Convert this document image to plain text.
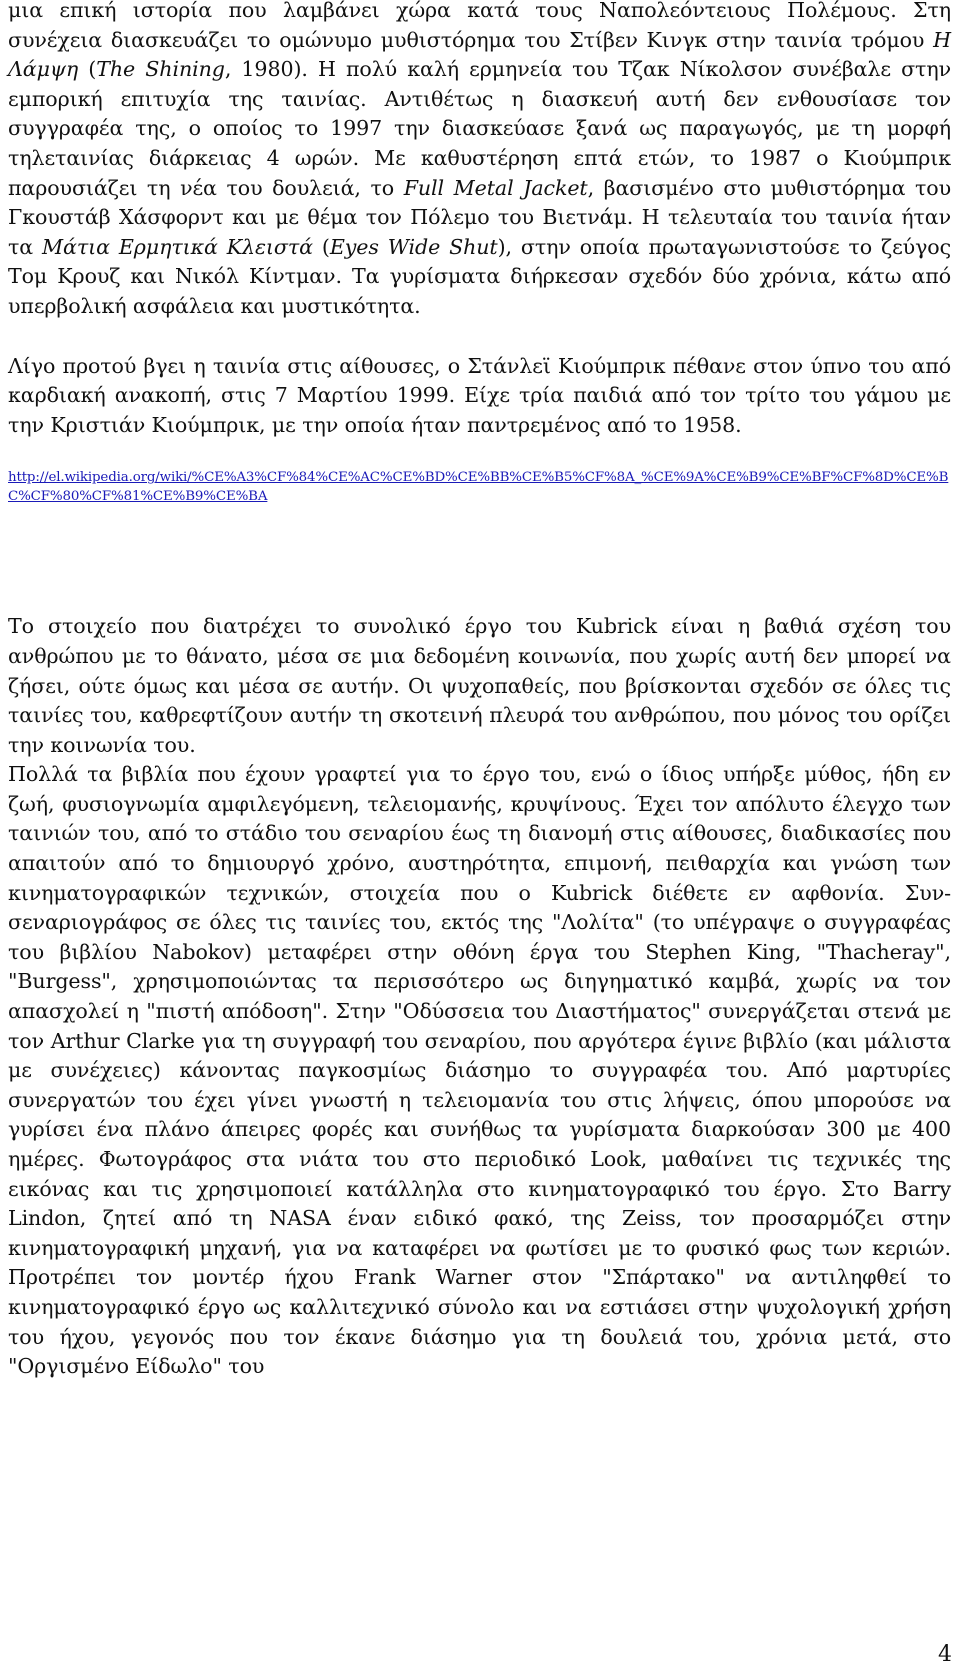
μια επική ιστορία που λαμβάνει χώρα κατά τους Ναπολεόντειους Πολέμους. Στη συνέχεια διασκευάζει το ομώνυμο μυθιστόρημα του Στίβεν Κινγκ στην ταινία τρόμου Η Λάμψη (The Shining, 1980). Η πολύ καλή ερμηνεία του Τζακ Νίκολσον συνέβαλε στην εμπορική επιτυχία της ταινίας. Αντιθέτως η διασκευή αυτή δεν ενθουσίασε τον συγγραφέα της, ο οποίος το 1997 την διασκεύασε ξανά ως παραγωγός, με τη μορφή τηλεταινίας διάρκειας 4 ωρών. Με καθυστέρηση επτά ετών, το 1987 ο Κιούμπρικ παρουσιάζει τη νέα του δουλειά, το Full Metal Jacket, βασισμένο στο μυθιστόρημα του Γκουστάβ Χάσφορντ και με θέμα τον Πόλεμο του Βιετνάμ. Η τελευταία του ταινία ήταν τα Μάτια Ερμητικά Κλειστά (Eyes Wide Shut), στην οποία πρωταγωνιστούσε το ζεύγος Τομ Κρουζ και Νικόλ Κίντμαν. Τα γυρίσματα διήρκεσαν σχεδόν δύο χρόνια, κάτω από υπερβολική ασφάλεια και μυστικότητα.

Λίγο προτού βγει η ταινία στις αίθουσες, ο Στάνλεϊ Κιούμπρικ πέθανε στον ύπνο του από καρδιακή ανακοπή, στις 7 Μαρτίου 1999. Είχε τρία παιδιά από τον τρίτο του γάμου με την Κριστιάν Κιούμπρικ, με την οποία ήταν παντρεμένος από το 1958.

http://el.wikipedia.org/wiki/%CE%A3%CF%84%CE%AC%CE%BD%CE%BB%CE%B5%CF%8A_%CE%9A%CE%B9%CE%BF%CF%8D%CE%BC%CF%80%CF%81%CE%B9%CE%BA

Το στοιχείο που διατρέχει το συνολικό έργο του Kubrick είναι η βαθιά σχέση του ανθρώπου με το θάνατο, μέσα σε μια δεδομένη κοινωνία, που χωρίς αυτή δεν μπορεί να ζήσει, ούτε όμως και μέσα σε αυτήν. Οι ψυχοπαθείς, που βρίσκονται σχεδόν σε όλες τις ταινίες του, καθρεφτίζουν αυτήν τη σκοτεινή πλευρά του ανθρώπου, που μόνος του ορίζει την κοινωνία του.

Πολλά τα βιβλία που έχουν γραφτεί για το έργο του, ενώ ο ίδιος υπήρξε μύθος, ήδη εν ζωή, φυσιογνωμία αμφιλεγόμενη, τελειομανής, κρυψίνους. Έχει τον απόλυτο έλεγχο των ταινιών του, από το στάδιο του σεναρίου έως τη διανομή στις αίθουσες, διαδικασίες που απαιτούν από το δημιουργό χρόνο, αυστηρότητα, επιμονή, πειθαρχία και γνώση των κινηματογραφικών τεχνικών, στοιχεία που ο Kubrick διέθετε εν αφθονία. Συν-σεναριογράφος σε όλες τις ταινίες του, εκτός της "Λολίτα" (το υπέγραψε ο συγγραφέας του βιβλίου Nabokov) μεταφέρει στην οθόνη έργα του Stephen King, "Thacheray", "Burgess", χρησιμοποιώντας τα περισσότερο ως διηγηματικό καμβά, χωρίς να τον απασχολεί η "πιστή απόδοση". Στην "Οδύσσεια του Διαστήματος" συνεργάζεται στενά με τον Arthur Clarke για τη συγγραφή του σεναρίου, που αργότερα έγινε βιβλίο (και μάλιστα με συνέχειες) κάνοντας παγκοσμίως διάσημο το συγγραφέα του. Από μαρτυρίες συνεργατών του έχει γίνει γνωστή η τελειομανία του στις λήψεις, όπου μπορούσε να γυρίσει ένα πλάνο άπειρες φορές και συνήθως τα γυρίσματα διαρκούσαν 300 με 400 ημέρες. Φωτογράφος στα νιάτα του στο περιοδικό Look, μαθαίνει τις τεχνικές της εικόνας και τις χρησιμοποιεί κατάλληλα στο κινηματογραφικό του έργο. Στο Barry Lindon, ζητεί από τη NASA έναν ειδικό φακό, της Zeiss, τον προσαρμόζει στην κινηματογραφική μηχανή, για να καταφέρει να φωτίσει με το φυσικό φως των κεριών. Προτρέπει τον μοντέρ ήχου Frank Warner στον "Σπάρτακο" να αντιληφθεί το κινηματογραφικό έργο ως καλλιτεχνικό σύνολο και να εστιάσει στην ψυχολογική χρήση του ήχου, γεγονός που τον έκανε διάσημο για τη δουλειά του, χρόνια μετά, στο "Οργισμένο Είδωλο" του

4
